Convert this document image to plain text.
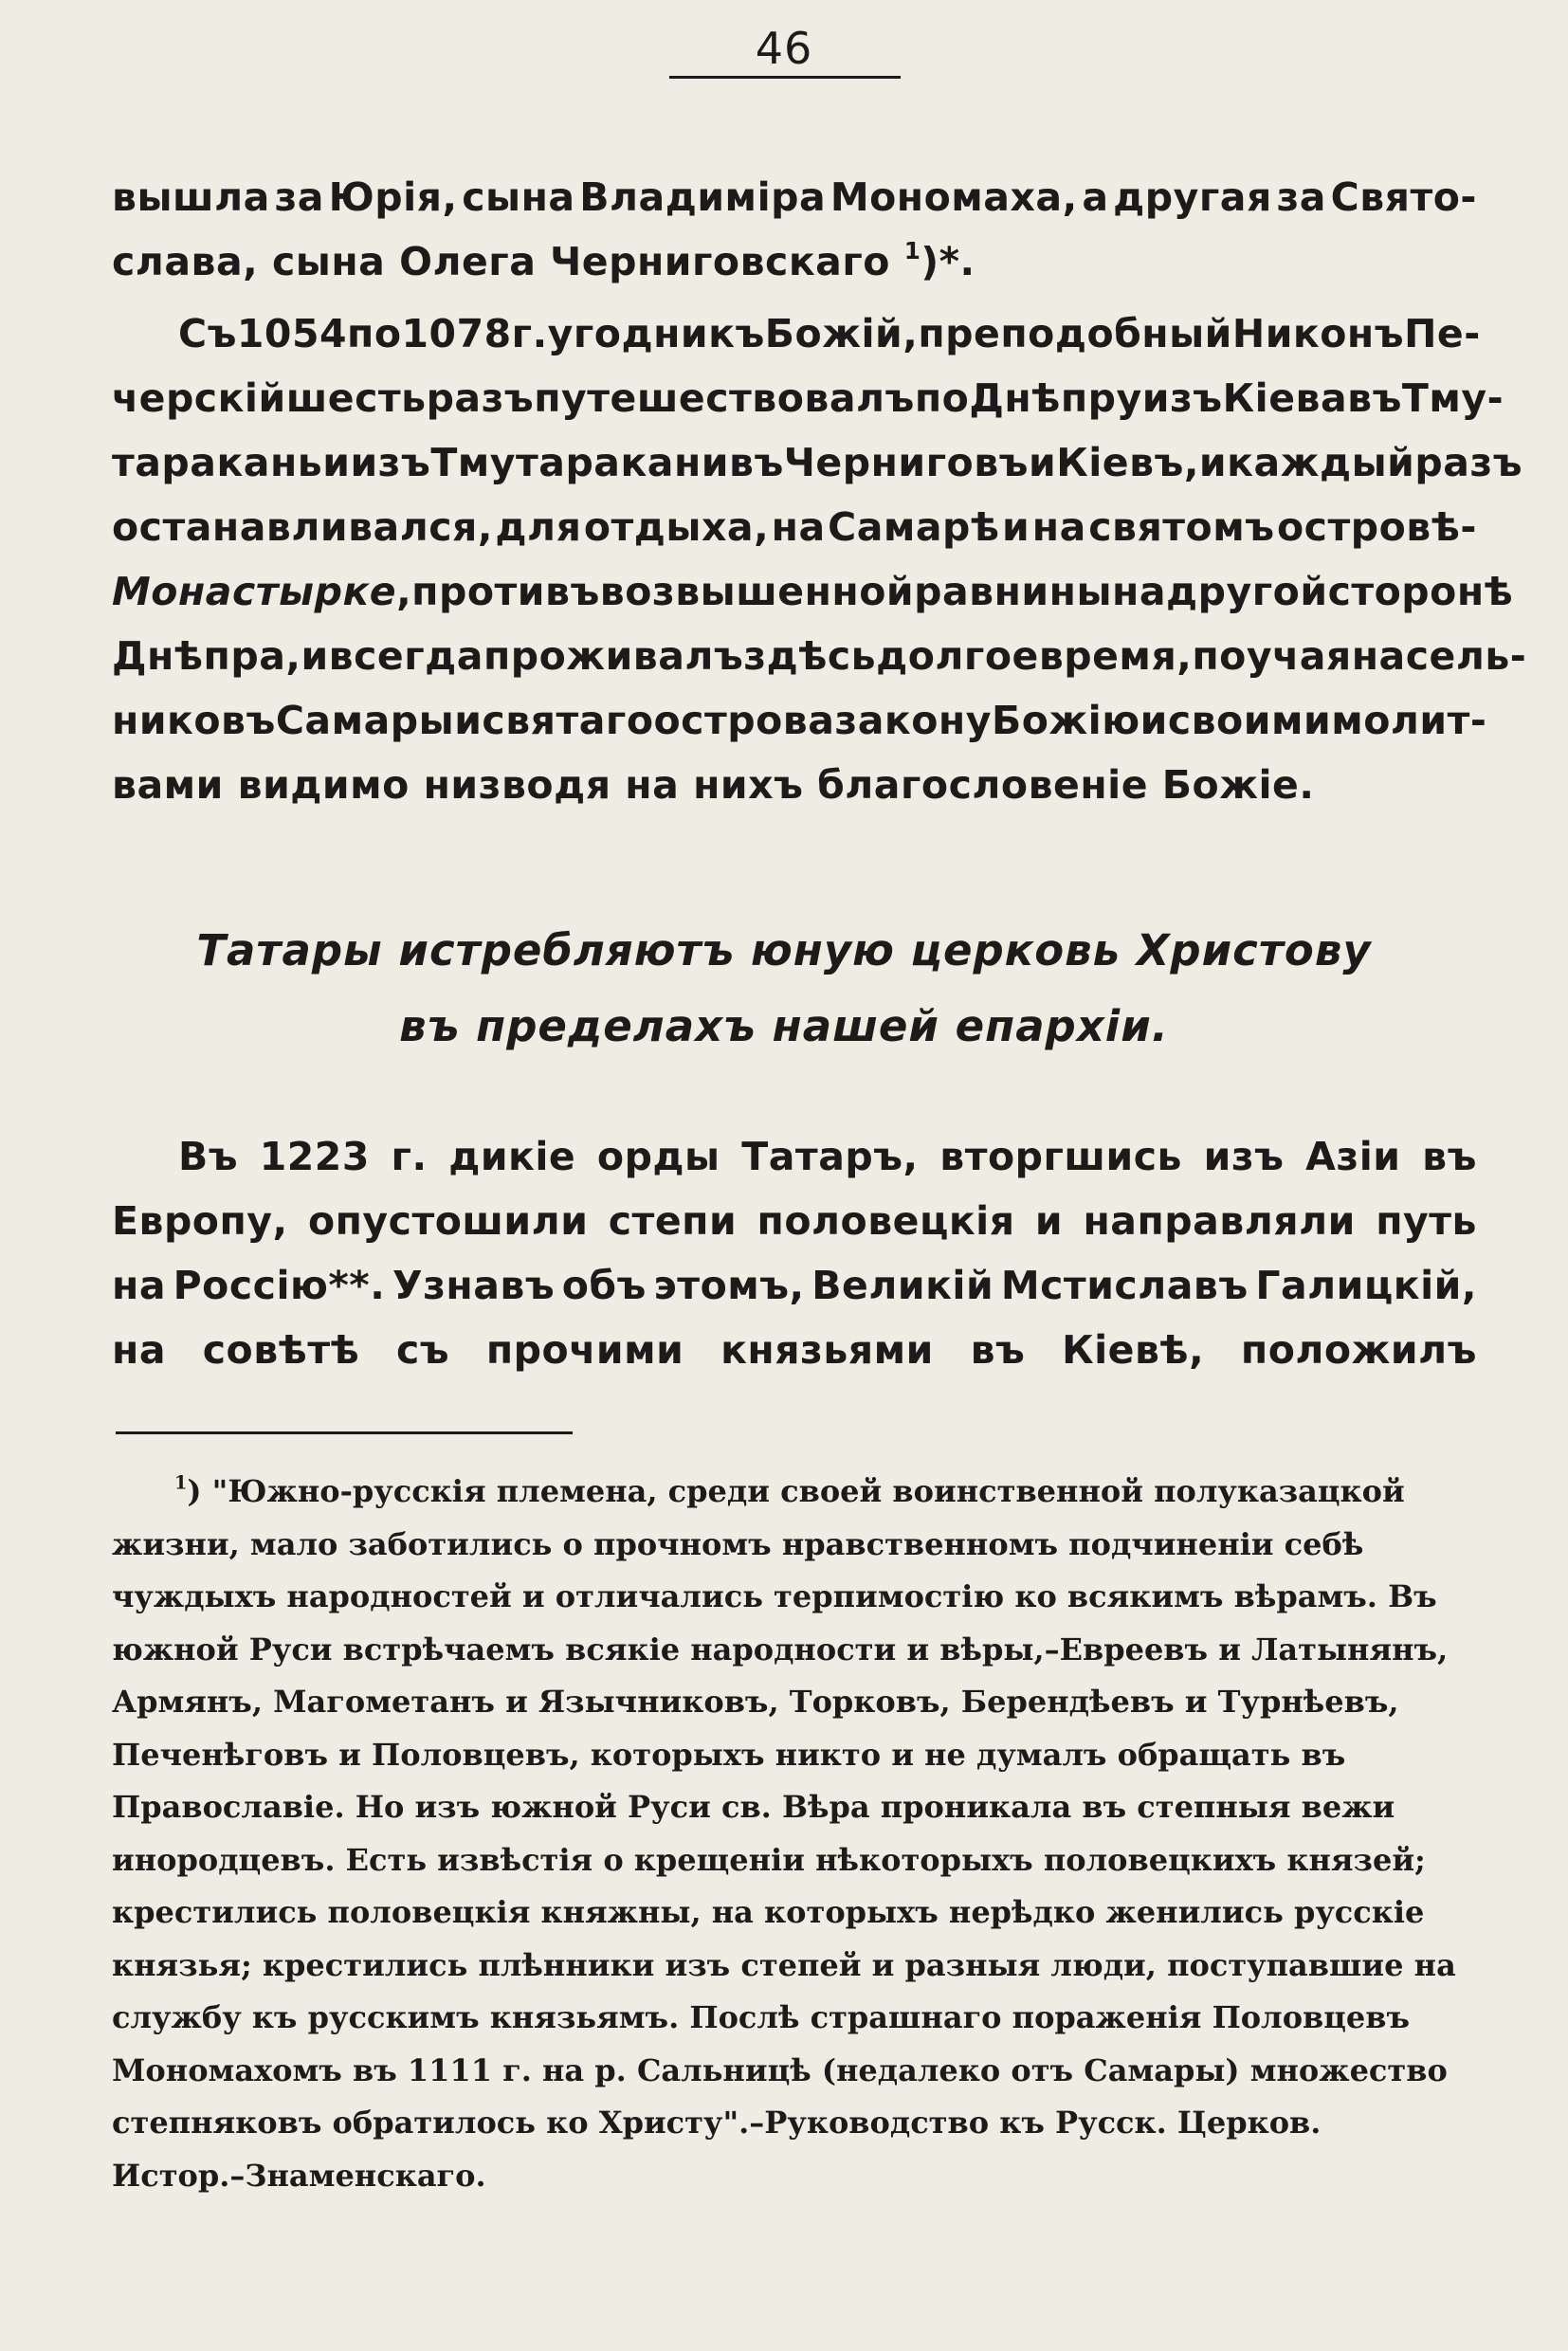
46
вышла за Юрія, сына Владиміра Мономаха, а другая за Свято-
слава, сына Олега Черниговскаго $^1$)*.
Съ 1054 по 1078 г. угодникъ Божій, преподобный Никонъ Пе-
черскій шесть разъ путешествовалъ по Днѣпру изъ Кіева въ Тму-
таракань и изъ Тмутаракани въ Черниговъ и Кіевъ, и каждый разъ
останавливался, для отдыха, на Самарѣ и на святомъ островѣ-
Монастырке, противъ возвышенной равнины на другой сторонѣ
Днѣпра, и всегда проживалъ здѣсь долгое время, поучая насель-
никовъ Самары и святаго острова закону Божію и своими молит-
вами видимо низводя на нихъ благословеніе Божіе.
Татары истребляютъ юную церковь Христову
въ пределахъ нашей епархіи.
Въ 1223 г. дикіе орды Татаръ, вторгшись изъ Азіи въ
Европу, опустошили степи половецкія и направляли путь
на Россію**. Узнавъ объ этомъ, Великій Мстиславъ Галицкій,
на совѣтѣ съ прочими князьями въ Кіевѣ, положилъ
$^1$) "Южно-русскія племена, среди своей воинственной полуказацкой
жизни, мало заботились о прочномъ нравственномъ подчиненіи себѣ
чуждыхъ народностей и отличались терпимостію ко всякимъ вѣрамъ. Въ
южной Руси встрѣчаемъ всякіе народности и вѣры,–Евреевъ и Латынянъ,
Армянъ, Магометанъ и Язычниковъ, Торковъ, Берендѣевъ и Турнѣевъ,
Печенѣговъ и Половцевъ, которыхъ никто и не думалъ обращать въ
Православіе. Но изъ южной Руси св. Вѣра проникала въ степныя вежи
инородцевъ. Есть извѣстія о крещеніи нѣкоторыхъ половецкихъ князей;
крестились половецкія княжны, на которыхъ нерѣдко женились русскіе
князья; крестились плѣнники изъ степей и разныя люди, поступавшие на
службу къ русскимъ князьямъ. Послѣ страшнаго пораженія Половцевъ
Мономахомъ въ 1111 г. на р. Сальницѣ (недалеко отъ Самары) множество
степняковъ обратилось ко Христу".–Руководство къ Русск. Церков.
Истор.–Знаменскаго.
